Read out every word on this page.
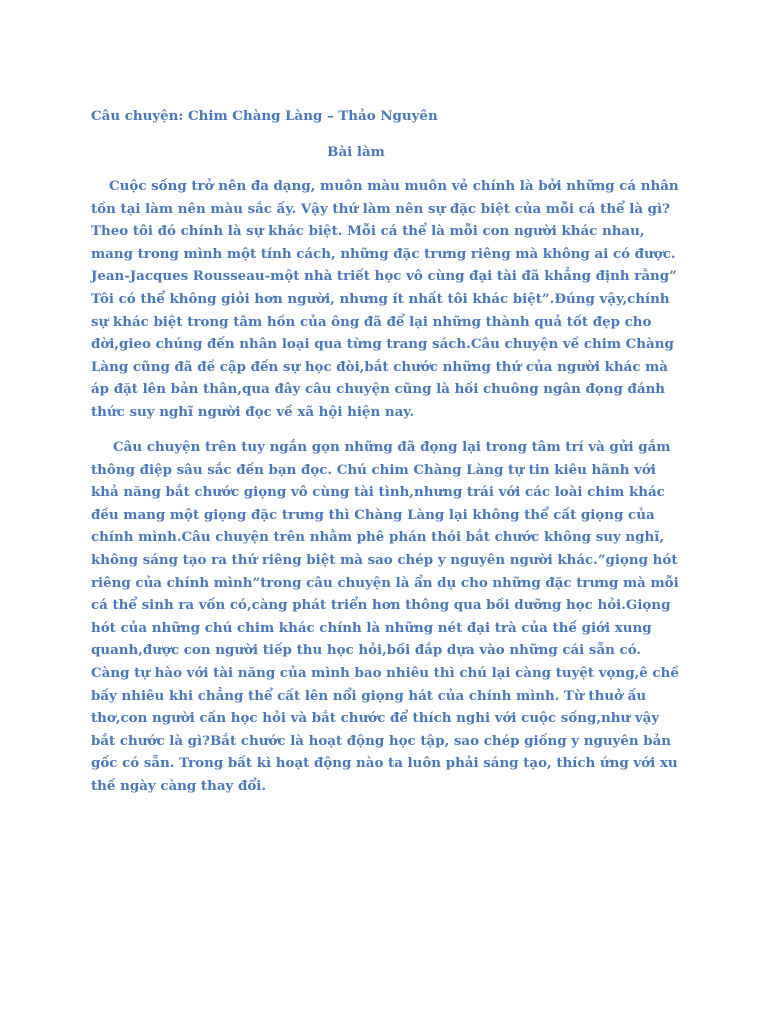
Câu chuyện: Chim Chàng Làng – Thảo Nguyên

Bài làm

Cuộc sống trở nên đa dạng, muôn màu muôn vẻ chính là bởi những cá nhân tồn tại làm nên màu sắc ấy. Vậy thứ làm nên sự đặc biệt của mỗi cá thể là gì? Theo tôi đó chính là sự khác biệt. Mỗi cá thể là mỗi con người khác nhau, mang trong mình một tính cách, những đặc trưng riêng mà không ai có được. Jean-Jacques Rousseau-một nhà triết học vô cùng đại tài đã khẳng định rằng” Tôi có thể không giỏi hơn người, nhưng ít nhất tôi khác biệt”.Đúng vậy,chính sự khác biệt trong tâm hồn của ông đã để lại những thành quả tốt đẹp cho đời,gieo chúng đến nhân loại qua từng trang sách.Câu chuyện về chim Chàng Làng cũng đã đề cập đến sự học đòi,bắt chước những thứ của người khác mà áp đặt lên bản thân,qua đây câu chuyện cũng là hồi chuông ngân đọng đánh thức suy nghĩ người đọc về xã hội hiện nay.

Câu chuyện trên tuy ngắn gọn những đã đọng lại trong tâm trí và gửi gắm thông điệp sâu sắc đến bạn đọc. Chú chim Chàng Làng tự tin kiêu hãnh với khả năng bắt chước giọng vô cùng tài tình,nhưng trái với các loài chim khác đều mang một giọng đặc trưng thì Chàng Làng lại không thể cất giọng của chính mình.Câu chuyện trên nhằm phê phán thói bắt chước không suy nghĩ, không sáng tạo ra thứ riêng biệt mà sao chép y nguyên người khác.”giọng hót riêng của chính mình”trong câu chuyện là ẩn dụ cho những đặc trưng mà mỗi cá thể sinh ra vốn có,càng phát triển hơn thông qua bồi dưỡng học hỏi.Giọng hót của những chú chim khác chính là những nét đại trà của thế giới xung quanh,được con người tiếp thu học hỏi,bồi đắp dựa vào những cái sẵn có. Càng tự hào với tài năng của mình bao nhiêu thì chú lại càng tuyệt vọng,ê chề bấy nhiêu khi chẳng thể cất lên nổi giọng hát của chính mình. Từ thuở ấu thơ,con người cần học hỏi và bắt chước để thích nghi với cuộc sống,như vậy bắt chước là gì?Bắt chước là hoạt động học tập, sao chép giống y nguyên bản gốc có sẵn. Trong bất kì hoạt động nào ta luôn phải sáng tạo, thích ứng với xu thế ngày càng thay đổi.
